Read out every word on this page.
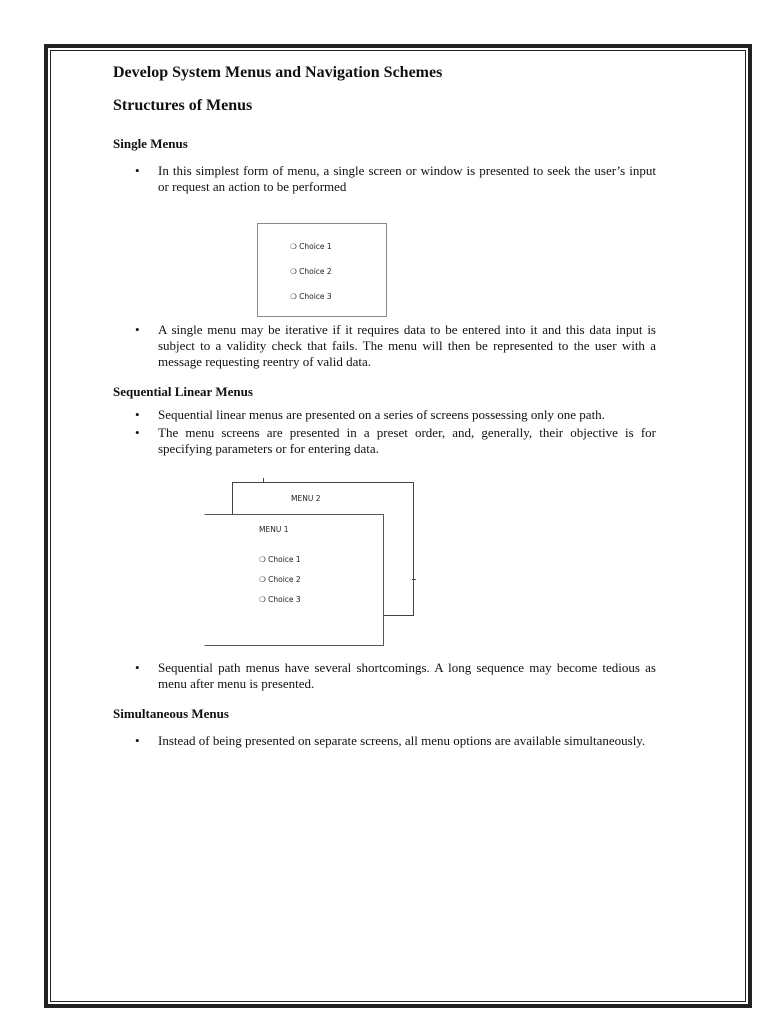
Develop System Menus and Navigation Schemes
Structures of Menus
Single Menus
• In this simplest form of menu, a single screen or window is presented to seek the user’s input or request an action to be performed
❍ Choice 1
❍ Choice 2
❍ Choice 3
• A single menu may be iterative if it requires data to be entered into it and this data input is subject to a validity check that fails. The menu will then be represented to the user with a message requesting reentry of valid data.
Sequential Linear Menus
• Sequential linear menus are presented on a series of screens possessing only one path.
• The menu screens are presented in a preset order, and, generally, their objective is for specifying parameters or for entering data.
MENU 2
MENU 1
❍ Choice 1
❍ Choice 2
❍ Choice 3
• Sequential path menus have several shortcomings. A long sequence may become tedious as menu after menu is presented.
Simultaneous Menus
• Instead of being presented on separate screens, all menu options are available simultaneously.
